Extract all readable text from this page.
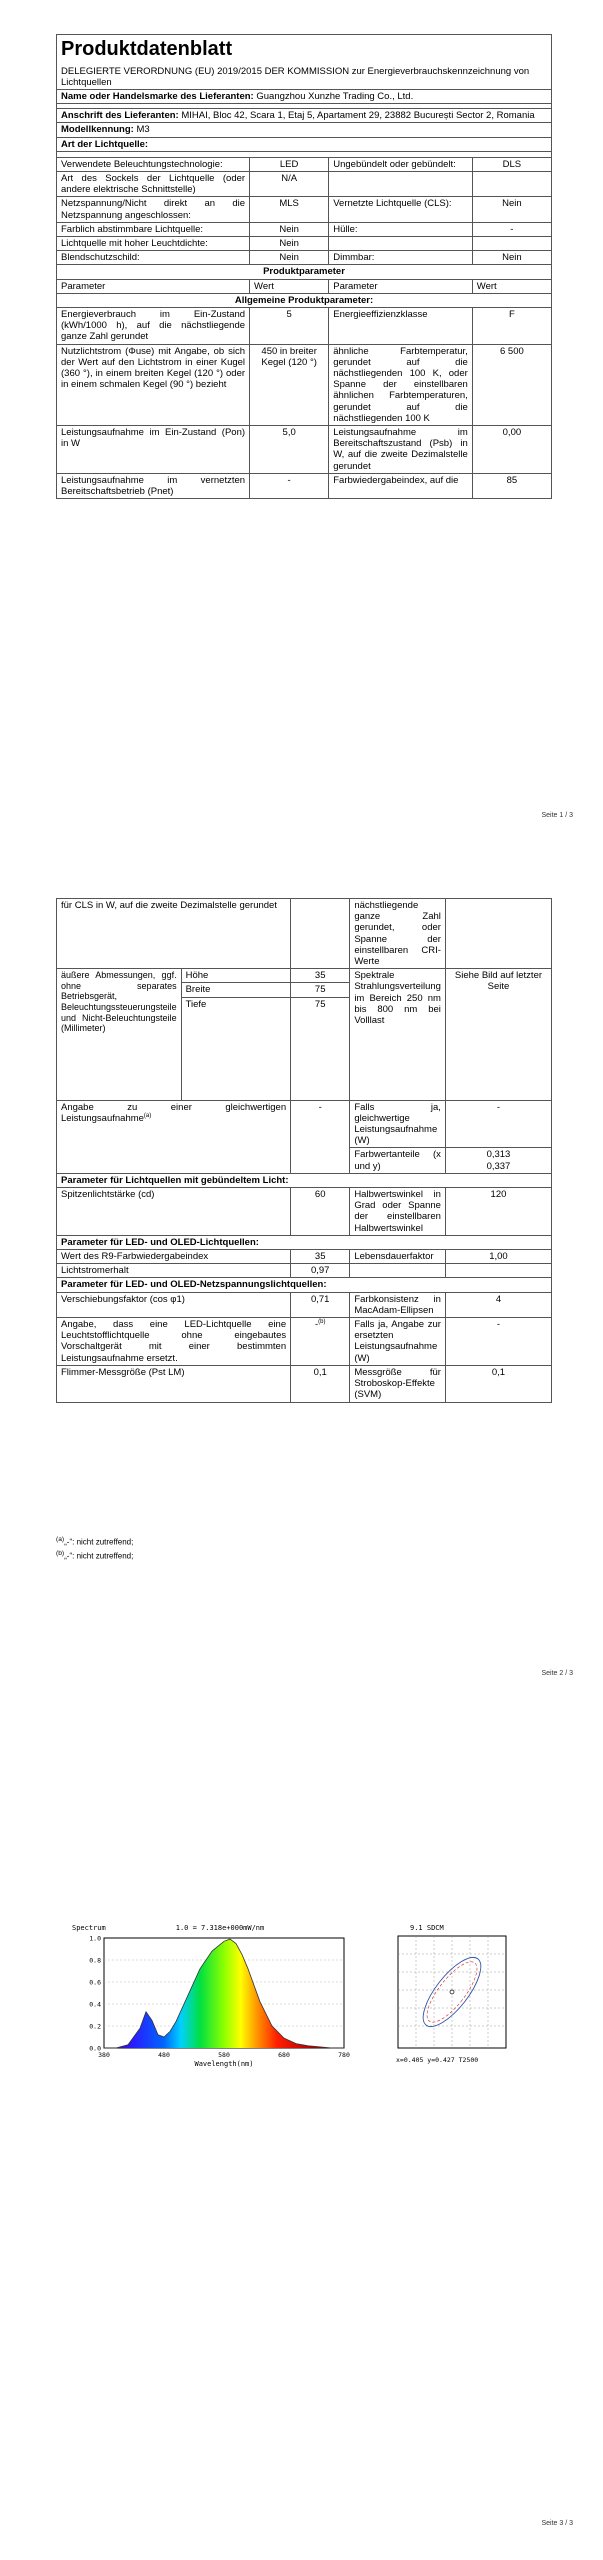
Produktdatenblatt			
DELEGIERTE VERORDNUNG (EU) 2019/2015 DER KOMMISSION zur Energieverbrauchskennzeichnung von Lichtquellen			
Name oder Handelsmarke des Lieferanten: Guangzhou Xunzhe Trading Co., Ltd.			

Anschrift des Lieferanten: MIHAI, Bloc 42, Scara 1, Etaj 5, Apartament 29, 23882 București Sector 2, Romania			
Modellkennung: M3			
Art der Lichtquelle:			

Verwendete Beleuchtungstechnologie:	LED	Ungebündelt oder gebündelt:	DLS
Art des Sockels der Lichtquelle (oder andere elektrische Schnittstelle)	N/A		
Netzspannung/Nicht direkt an die Netzspannung angeschlossen:	MLS	Vernetzte Lichtquelle (CLS):	Nein
Farblich abstimmbare Lichtquelle:	Nein	Hülle:	-
Lichtquelle mit hoher Leuchtdichte:	Nein		
Blendschutzschild:	Nein	Dimmbar:	Nein
Produktparameter			
Parameter	Wert	Parameter	Wert
Allgemeine Produktparameter:			
Energieverbrauch im Ein-Zustand (kWh/1000 h), auf die nächstliegende ganze Zahl gerundet	5	Energieeffizienzklasse	F
Nutzlichtstrom (Φuse) mit Angabe, ob sich der Wert auf den Lichtstrom in einer Kugel (360 °), in einem breiten Kegel (120 °) oder in einem schmalen Kegel (90 °) bezieht	450 in breiter Kegel (120 °)	ähnliche Farbtemperatur, gerundet auf die nächstliegenden 100 K, oder Spanne der einstellbaren ähnlichen Farbtemperaturen, gerundet auf die nächstliegenden 100 K	6 500
Leistungsaufnahme im Ein-Zustand (Pon) in W	5,0	Leistungsaufnahme im Bereitschaftszustand (Psb) in W, auf die zweite Dezimalstelle gerundet	0,00
Leistungsaufnahme im vernetzten Bereitschaftsbetrieb (Pnet)	-	Farbwiedergabeindex, auf die	85
Seite 1 / 3
für CLS in W, auf die zweite Dezimalstelle gerundet			nächstliegende ganze Zahl gerundet, oder Spanne der einstellbaren CRI-Werte	
äußere Abmessungen, ggf. ohne separates Betriebsgerät, Beleuchtungssteuerungsteile und Nicht-Beleuchtungsteile (Millimeter)	Höhe	35	Spektrale Strahlungsverteilung im Bereich 250 nm bis 800 nm bei Volllast	Siehe Bild auf letzter Seite
	Breite	75		
	Tiefe	75		
Angabe zu einer gleichwertigen Leistungsaufnahme$^{(a)}$		-	Falls ja, gleichwertige Leistungsaufnahme (W)	-
			Farbwertanteile (x und y)	0,313
0,337

Parameter für Lichtquellen mit gebündeltem Licht:				
Spitzenlichtstärke (cd)		60	Halbwertswinkel in Grad oder Spanne der einstellbaren Halbwertswinkel	120
Parameter für LED- und OLED-Lichtquellen:				
Wert des R9-Farbwiedergabeindex		35	Lebensdauerfaktor	1,00
Lichtstromerhalt		0,97		
Parameter für LED- und OLED-Netzspannungslichtquellen:				
Verschiebungsfaktor (cos φ1)		0,71	Farbkonsistenz in MacAdam-Ellipsen	4
Angabe, dass eine LED-Lichtquelle eine Leuchtstofflichtquelle ohne eingebautes Vorschaltgerät mit einer bestimmten Leistungsaufnahme ersetzt.		-$^{(b)}$	Falls ja, Angabe zur ersetzten Leistungsaufnahme (W)	-
Flimmer-Messgröße (Pst LM)		0,1	Messgröße für Stroboskop-Effekte (SVM)	0,1
$^{(a)}$„-“: nicht zutreffend;
$^{(b)}$„-“: nicht zutreffend;
Seite 2 / 3
Spectrum	1.0 = 7.318e+000mW/nm
1.0
0.8
0.6
0.4
0.2
0.0
380	480	580	680	780
Wavelength(nm)
9.1 SDCM
x=0.405 y=0.427 T2500
Seite 3 / 3
